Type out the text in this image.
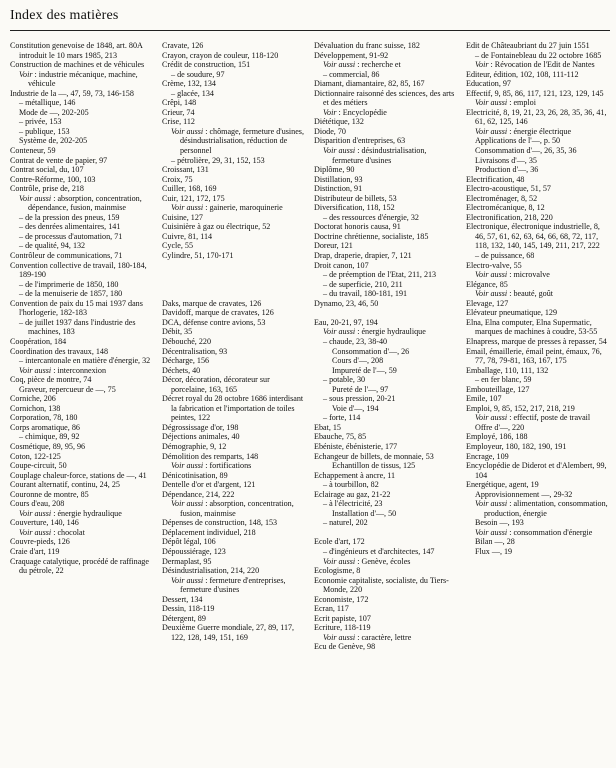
Index des matières
Constitution genevoise de 1848, art. 80A introduit le 10 mars 1985, 213
Construction de machines et de véhicules
Voir : industrie mécanique, machine, véhicule
Industrie de la —, 47, 59, 73, 146-158
– métallique, 146
Mode de —, 202-205
– privée, 153
– publique, 153
Système de, 202-205
Conteneur, 59
Contrat de vente de papier, 97
Contrat social, du, 107
Contre-Réforme, 100, 103
Contrôle, prise de, 218
Voir aussi : absorption, concentration, dépendance, fusion, mainmise
– de la pression des pneus, 159
– des denrées alimentaires, 141
– de processus d'automation, 71
– de qualité, 94, 132
Contrôleur de communications, 71
Convention collective de travail, 180-184, 189-190
– de l'imprimerie de 1850, 180
– de la menuiserie de 1857, 180
Convention de paix du 15 mai 1937 dans l'horlogerie, 182-183
– de juillet 1937 dans l'industrie des machines, 183
Coopération, 184
Coordination des travaux, 148
– intercantonale en matière d'énergie, 32
Voir aussi : interconnexion
Coq, pièce de montre, 74
Graveur, repercueur de —, 75
Corniche, 206
Cornichon, 138
Corporation, 78, 180
Corps aromatique, 86
– chimique, 89, 92
Cosmétique, 89, 95, 96
Coton, 122-125
Coupe-circuit, 50
Couplage chaleur-force, stations de —, 41
Courant alternatif, continu, 24, 25
Couronne de montre, 85
Cours d'eau, 208
Voir aussi : énergie hydraulique
Couverture, 140, 146
Voir aussi : chocolat
Couvre-pieds, 126
Craie d'art, 119
Craquage catalytique, procédé de raffinage du pétrole, 22
Cravate, 126
Crayon, crayon de couleur, 118-120
Crédit de construction, 151
– de soudure, 97
Crème, 132, 134
– glacée, 134
Crêpi, 148
Crieur, 74
Crise, 112
Voir aussi : chômage, fermeture d'usines, désindustrialisation, réduction de personnel
– pétrolière, 29, 31, 152, 153
Croissant, 131
Croix, 75
Cuiller, 168, 169
Cuir, 121, 172, 175
Voir aussi : gainerie, maroquinerie
Cuisine, 127
Cuisinière à gaz ou électrique, 52
Cuivre, 81, 114
Cycle, 55
Cylindre, 51, 170-171
Daks, marque de cravates, 126
Davidoff, marque de cravates, 126
DCA, défense contre avions, 53
Débit, 35
Débouché, 220
Décentralisation, 93
Décharge, 156
Déchets, 40
Décor, décoration, décorateur sur porcelaine, 163, 165
Décret royal du 28 octobre 1686 interdisant la fabrication et l'importation de toiles peintes, 122
Dégrossissage d'or, 198
Déjections animales, 40
Démographie, 9, 12
Démolition des remparts, 148
Voir aussi : fortifications
Dénicotinisation, 89
Dentelle d'or et d'argent, 121
Dépendance, 214, 222
Voir aussi : absorption, concentration, fusion, mainmise
Dépenses de construction, 148, 153
Déplacement individuel, 218
Dépôt légal, 106
Dépoussiérage, 123
Dermaplast, 95
Désindustrialisation, 214, 220
Voir aussi : fermeture d'entreprises, fermeture d'usines
Dessert, 134
Dessin, 118-119
Détergent, 89
Deuxième Guerre mondiale, 27, 89, 117, 122, 128, 149, 151, 169
Dévaluation du franc suisse, 182
Développement, 91-92
Voir aussi : recherche et
– commercial, 86
Diamant, diamantaire, 82, 85, 167
Dictionnaire raisonné des sciences, des arts et des métiers
Voir : Encyclopédie
Diététique, 132
Diode, 70
Disparition d'entreprises, 63
Voir aussi : désindustrialisation, fermeture d'usines
Diplôme, 90
Distillation, 93
Distinction, 91
Distributeur de billets, 53
Diversification, 118, 152
– des ressources d'énergie, 32
Doctorat honoris causa, 91
Doctrine chrétienne, socialiste, 185
Doreur, 121
Drap, draperie, drapier, 7, 121
Droit canon, 107
– de préemption de l'Etat, 211, 213
– de superficie, 210, 211
– du travail, 180-181, 191
Dynamo, 23, 46, 50
Eau, 20-21, 97, 194
Voir aussi : énergie hydraulique
– chaude, 23, 38-40
Consommation d'—, 26
Cours d'—, 208
Impureté de l'—, 59
– potable, 30
Pureté de l'—, 97
– sous pression, 20-21
Voie d'—, 194
– forte, 114
Ebat, 15
Ebauche, 75, 85
Ebéniste, ébénisterie, 177
Echangeur de billets, de monnaie, 53
Echantillon de tissus, 125
Echappement à ancre, 11
– à tourbillon, 82
Eclairage au gaz, 21-22
– à l'électricité, 23
Installation d'—, 50
– naturel, 202
Ecole d'art, 172
– d'ingénieurs et d'architectes, 147
Voir aussi : Genève, écoles
Ecologisme, 8
Economie capitaliste, socialiste, du Tiers-Monde, 220
Economiste, 172
Ecran, 117
Ecrit papiste, 107
Ecriture, 118-119
Voir aussi : caractère, lettre
Ecu de Genève, 98
Edit de Châteaubriant du 27 juin 1551
– de Fontainebleau du 22 octobre 1685
Voir : Révocation de l'Edit de Nantes
Editeur, édition, 102, 108, 111-112
Education, 97
Effectif, 9, 85, 86, 117, 121, 123, 129, 145
Voir aussi : emploi
Electricité, 8, 19, 21, 23, 26, 28, 35, 36, 41, 61, 62, 125, 146
Voir aussi : énergie électrique
Applications de l'—, p. 50
Consommation d'—, 26, 35, 36
Livraisons d'—, 35
Production d'—, 36
Electrification, 48
Electro-acoustique, 51, 57
Electroménager, 8, 52
Electromécanique, 8, 12
Electronification, 218, 220
Electronique, électronique industrielle, 8, 46, 57, 61, 62, 63, 64, 66, 68, 72, 117, 118, 132, 140, 145, 149, 211, 217, 222
– de puissance, 68
Electro-valve, 55
Voir aussi : microvalve
Elégance, 85
Voir aussi : beauté, goût
Elevage, 127
Elévateur pneumatique, 129
Elna, Elna computer, Elna Supermatic, marques de machines à coudre, 53-55
Elnapress, marque de presses à repasser, 54
Email, émaillerie, émail peint, émaux, 76, 77, 78, 79-81, 163, 167, 175
Emballage, 110, 111, 132
– en fer blanc, 59
Embouteillage, 127
Emile, 107
Emploi, 9, 85, 152, 217, 218, 219
Voir aussi : effectif, poste de travail
Offre d'—, 220
Employé, 186, 188
Employeur, 180, 182, 190, 191
Encrage, 109
Encyclopédie de Diderot et d'Alembert, 99, 104
Energétique, agent, 19
Approvisionnement —, 29-32
Voir aussi : alimentation, consommation, production, énergie
Besoin —, 193
Voir aussi : consommation d'énergie
Bilan —, 28
Flux —, 19
